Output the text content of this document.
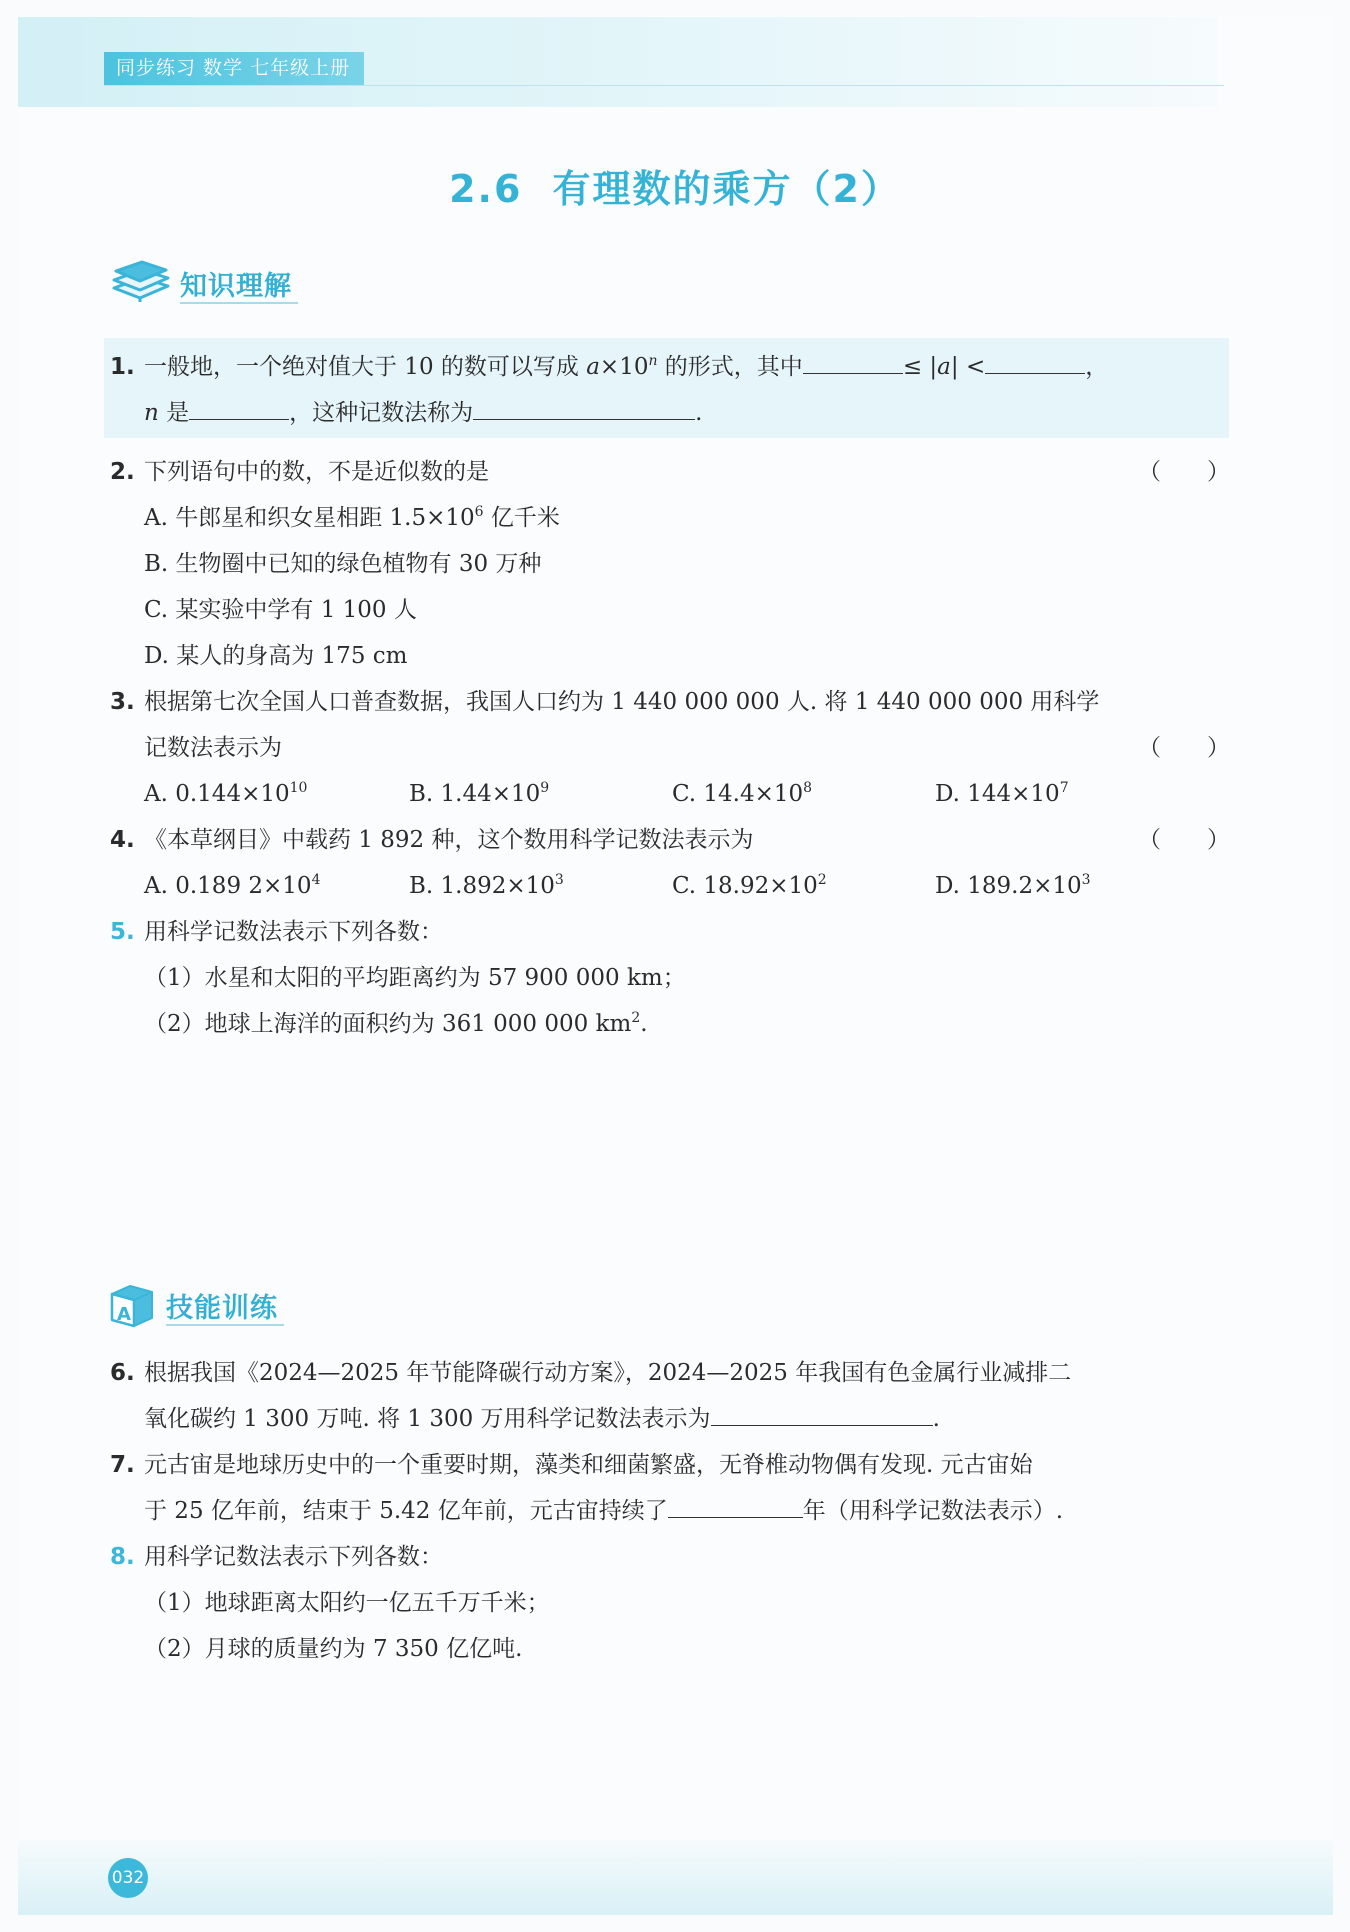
同步练习 数学 七年级上册
2.6 有理数的乘方（2）
知识理解
1. 一般地，一个绝对值大于 10 的数可以写成 $a\times 10^n$ 的形式，其中	≤ |a| <	，
n 是	，这种记数法称为	.
2. 下列语句中的数，不是近似数的是	（　　）
A. 牛郎星和织女星相距 $1.5\times 10^6$ 亿千米
B. 生物圈中已知的绿色植物有 30 万种
C. 某实验中学有 1 100 人
D. 某人的身高为 175 cm
3. 根据第七次全国人口普查数据，我国人口约为 1 440 000 000 人. 将 1 440 000 000 用科学
记数法表示为	（　　）
A. $0.144\times 10^{10}$	B. $1.44\times 10^9$	C. $14.4\times 10^8$	D. $144\times 10^7$
4. 《本草纲目》中载药 1 892 种，这个数用科学记数法表示为	（　　）
A. 0.189 $2\times 10^4$	B. $1.892\times 10^3$	C. $18.92\times 10^2$	D. $189.2\times 10^3$
5. 用科学记数法表示下列各数：
（1）水星和太阳的平均距离约为 57 900 000 km；
（2）地球上海洋的面积约为 361 000 000 $km^2$.
A 技能训练
6. 根据我国《2024—2025 年节能降碳行动方案》，2024—2025 年我国有色金属行业减排二
氧化碳约 1 300 万吨. 将 1 300 万用科学记数法表示为	.
7. 元古宙是地球历史中的一个重要时期，藻类和细菌繁盛，无脊椎动物偶有发现. 元古宙始
于 25 亿年前，结束于 5.42 亿年前，元古宙持续了	年（用科学记数法表示）.
8. 用科学记数法表示下列各数：
（1）地球距离太阳约一亿五千万千米；
（2）月球的质量约为 7 350 亿亿吨.
032
